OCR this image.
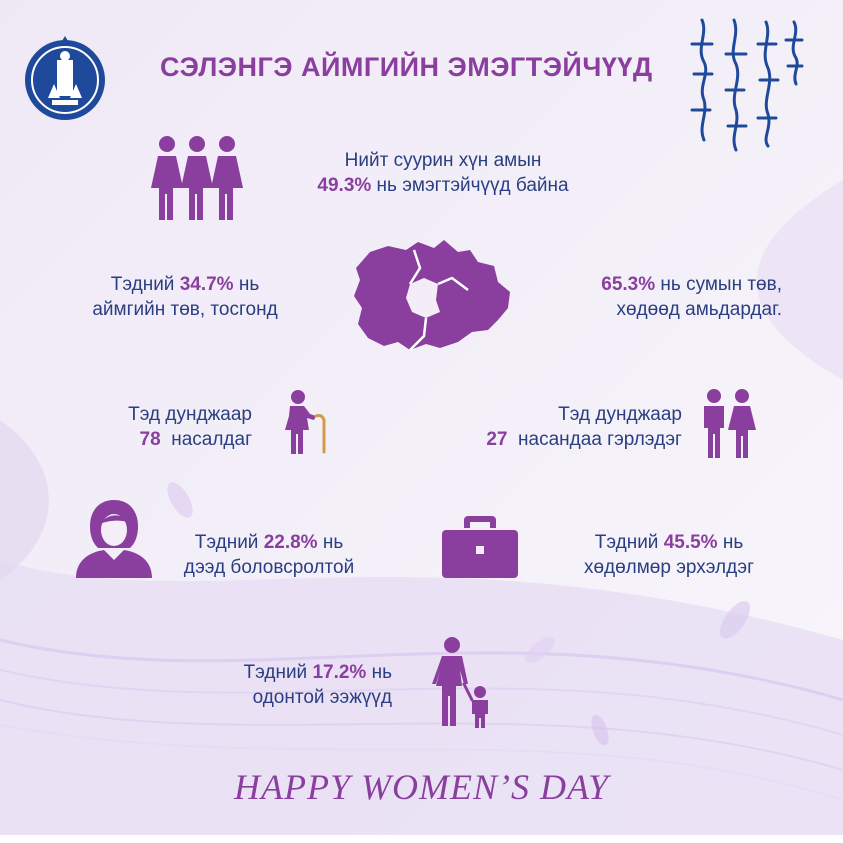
СЭЛЭНГЭ АЙМГИЙН ЭМЭГТЭЙЧҮҮД
Нийт суурин хүн амын
49.3% нь эмэгтэйчүүд байна
Тэдний 34.7% нь
аймгийн төв, тосгонд
65.3% нь сумын төв,
хөдөөд амьдардаг.
Тэд дунджаар
78  насалдаг
Тэд дунджаар
27  насандаа гэрлэдэг
Тэдний 22.8% нь
дээд боловсролтой
Тэдний 45.5% нь
хөдөлмөр эрхэлдэг
Тэдний 17.2% нь
одонтой ээжүүд
HAPPY WOMEN’S DAY
